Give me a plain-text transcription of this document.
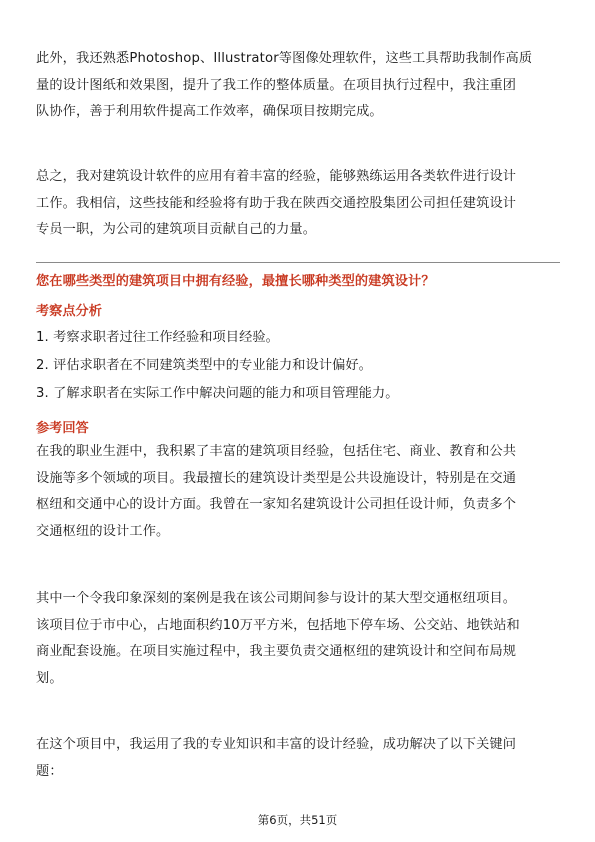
此外，我还熟悉Photoshop、Illustrator等图像处理软件，这些工具帮助我制作高质
量的设计图纸和效果图，提升了我工作的整体质量。在项目执行过程中，我注重团
队协作，善于利用软件提高工作效率，确保项目按期完成。

总之，我对建筑设计软件的应用有着丰富的经验，能够熟练运用各类软件进行设计
工作。我相信，这些技能和经验将有助于我在陕西交通控股集团公司担任建筑设计
专员一职，为公司的建筑项目贡献自己的力量。

您在哪些类型的建筑项目中拥有经验，最擅长哪种类型的建筑设计？
考察点分析
1. 考察求职者过往工作经验和项目经验。
2. 评估求职者在不同建筑类型中的专业能力和设计偏好。
3. 了解求职者在实际工作中解决问题的能力和项目管理能力。
参考回答

在我的职业生涯中，我积累了丰富的建筑项目经验，包括住宅、商业、教育和公共
设施等多个领域的项目。我最擅长的建筑设计类型是公共设施设计，特别是在交通
枢纽和交通中心的设计方面。我曾在一家知名建筑设计公司担任设计师，负责多个
交通枢纽的设计工作。

其中一个令我印象深刻的案例是我在该公司期间参与设计的某大型交通枢纽项目。
该项目位于市中心，占地面积约10万平方米，包括地下停车场、公交站、地铁站和
商业配套设施。在项目实施过程中，我主要负责交通枢纽的建筑设计和空间布局规
划。

在这个项目中，我运用了我的专业知识和丰富的设计经验，成功解决了以下关键问
题：

第6页，共51页
